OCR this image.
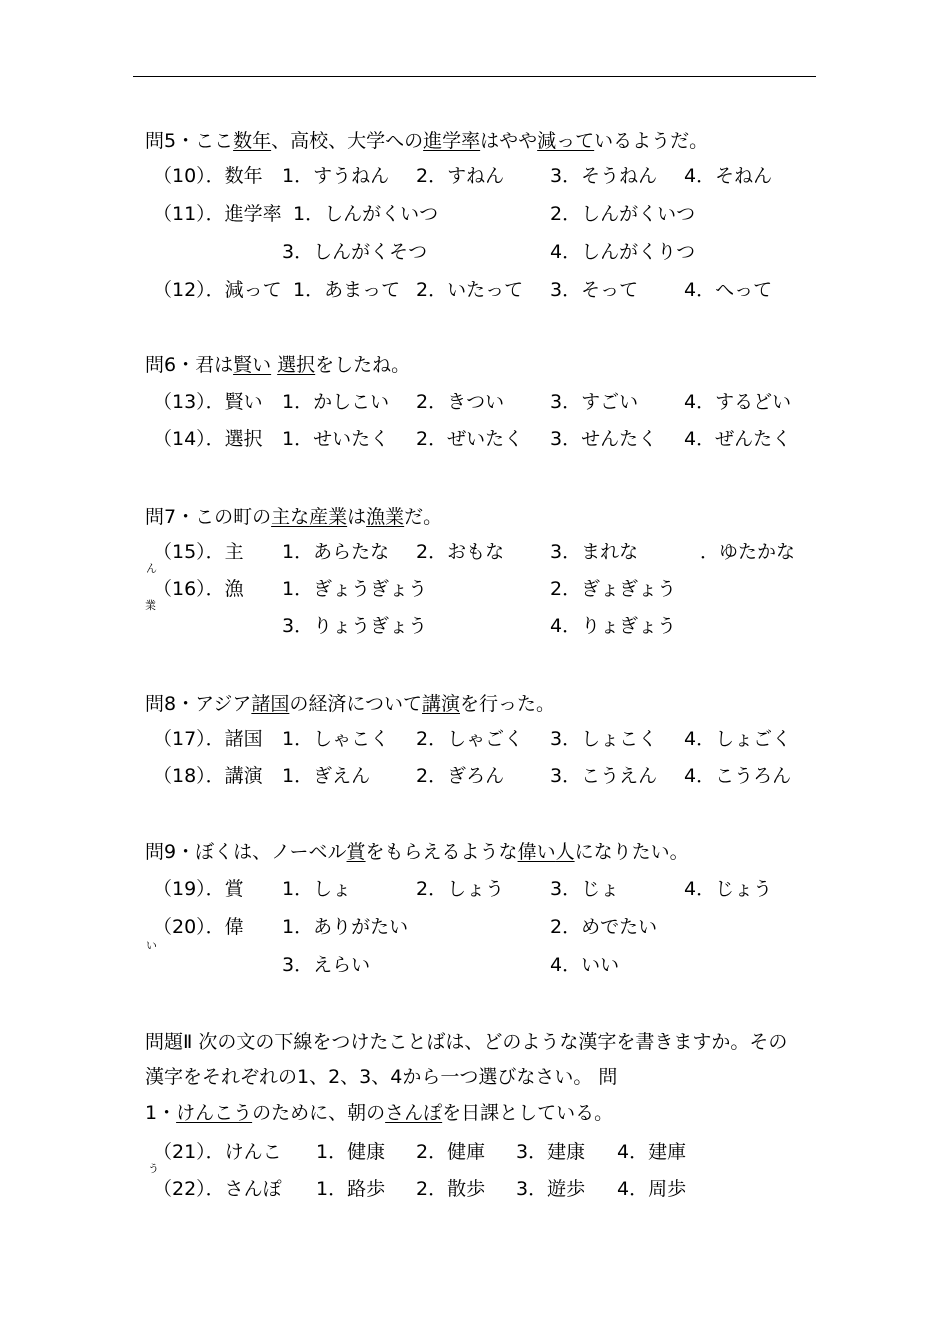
問5・ここ数年、高校、大学への進学率はやや減っているようだ。
（10）．数年 1．すうねん 2．すねん 3．そうねん 4．そねん
（11）．進学率 1．しんがくいつ	2．しんがくいつ
3．しんがくそつ	4．しんがくりつ
（12）．減って 1．あまって 2．いたって 3．そって 4．へって
問6・君は賢い 選択をしたね。
（13）．賢い 1．かしこい 2．きつい 3．すごい 4．するどい
（14）．選択 1．せいたく 2．ぜいたく 3．せんたく 4．ぜんたく
問7・この町の主な産業は漁業だ。
（15）．主 1．あらたな 2．おもな 3．まれな	．ゆたかな
ん
（16）．漁 1．ぎょうぎょう	2．ぎょぎょう
3．りょうぎょう	4．りょぎょう
業
問8・アジア諸国の経済について講演を行った。
（17）．諸国 1．しゃこく 2．しゃごく 3．しょこく 4．しょごく
（18）．講演 1．ぎえん 2．ぎろん 3．こうえん 4．こうろん
問9・ぼくは、ノーベル賞をもらえるような偉い人になりたい。
（19）．賞 1．しょ	2．しょう 3．じょ	4．じょう
（20）．偉 1．ありがたい	2．めでたい
3．えらい	4．いい
い
問題Ⅱ 次の文の下線をつけたことばは、どのような漢字を書きますか。その
漢字をそれぞれの1、2、3、4から一つ選びなさい。 問
1・けんこうのために、朝のさんぽを日課としている。
（21）．けんこ 1．健康 2．健庫 3．建康 4．建庫
う
（22）．さんぽ 1．路歩 2．散歩 3．遊歩 4．周歩
